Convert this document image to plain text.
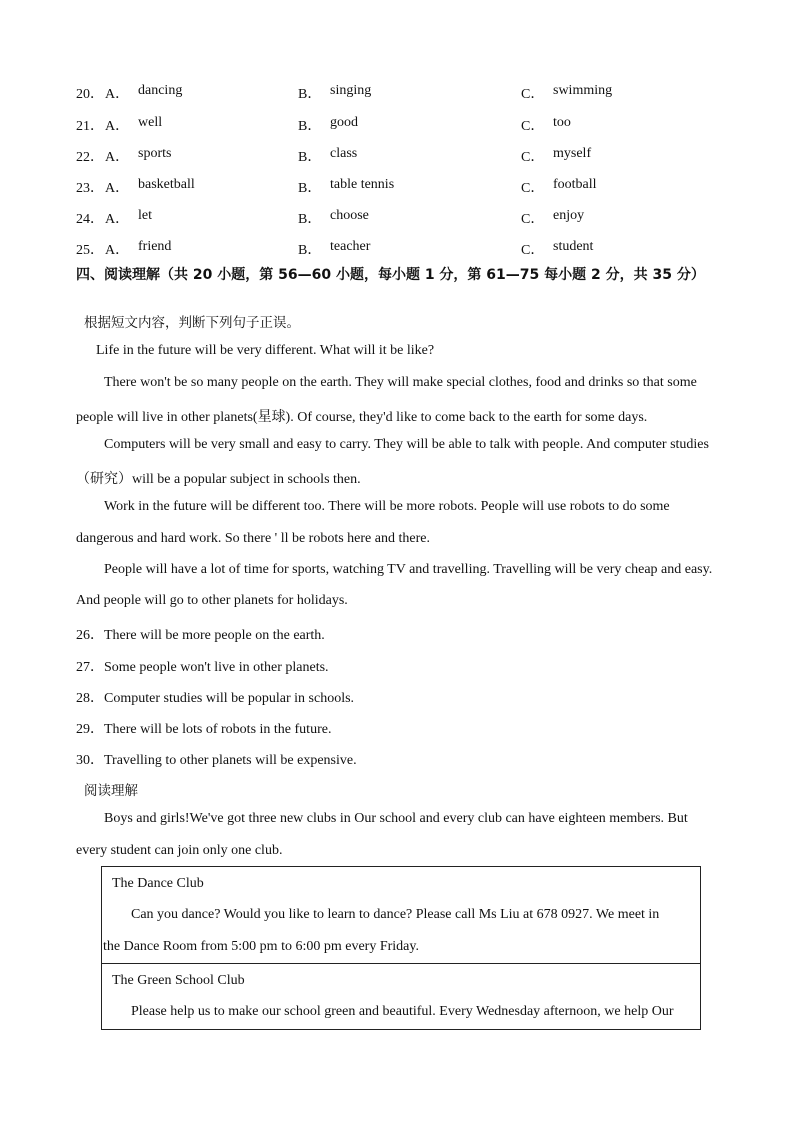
20． A． dancing	B． singing	C． swimming
21． A． well	B． good	C． too
22． A． sports	B． class	C． myself
23． A． basketball	B． table tennis	C． football
24． A． let	B． choose	C． enjoy
25． A． friend	B． teacher	C． student
四、阅读理解（共 20 小题，第 56—60 小题，每小题 1 分，第 61—75 每小题 2 分，共 35 分）
根据短文内容，判断下列句子正误。
Life in the future will be very different. What will it be like?
There won't be so many people on the earth. They will make special clothes, food and drinks so that some
people will live in other planets(星球). Of course, they'd like to come back to the earth for some days.
Computers will be very small and easy to carry. They will be able to talk with people. And computer studies
（研究）will be a popular subject in schools then.
Work in the future will be different too. There will be more robots. People will use robots to do some
dangerous and hard work. So there ' ll be robots here and there.
People will have a lot of time for sports, watching TV and travelling. Travelling will be very cheap and easy.
And people will go to other planets for holidays.
26．There will be more people on the earth.
27．Some people won't live in other planets.
28．Computer studies will be popular in schools.
29．There will be lots of robots in the future.
30．Travelling to other planets will be expensive.
阅读理解
Boys and girls!We've got three new clubs in Our school and every club can have eighteen members. But
every student can join only one club.
The Dance Club
Can you dance? Would you like to learn to dance? Please call Ms Liu at 678 0927. We meet in
the Dance Room from 5:00 pm to 6:00 pm every Friday.
The Green School Club
Please help us to make our school green and beautiful. Every Wednesday afternoon, we help Our
